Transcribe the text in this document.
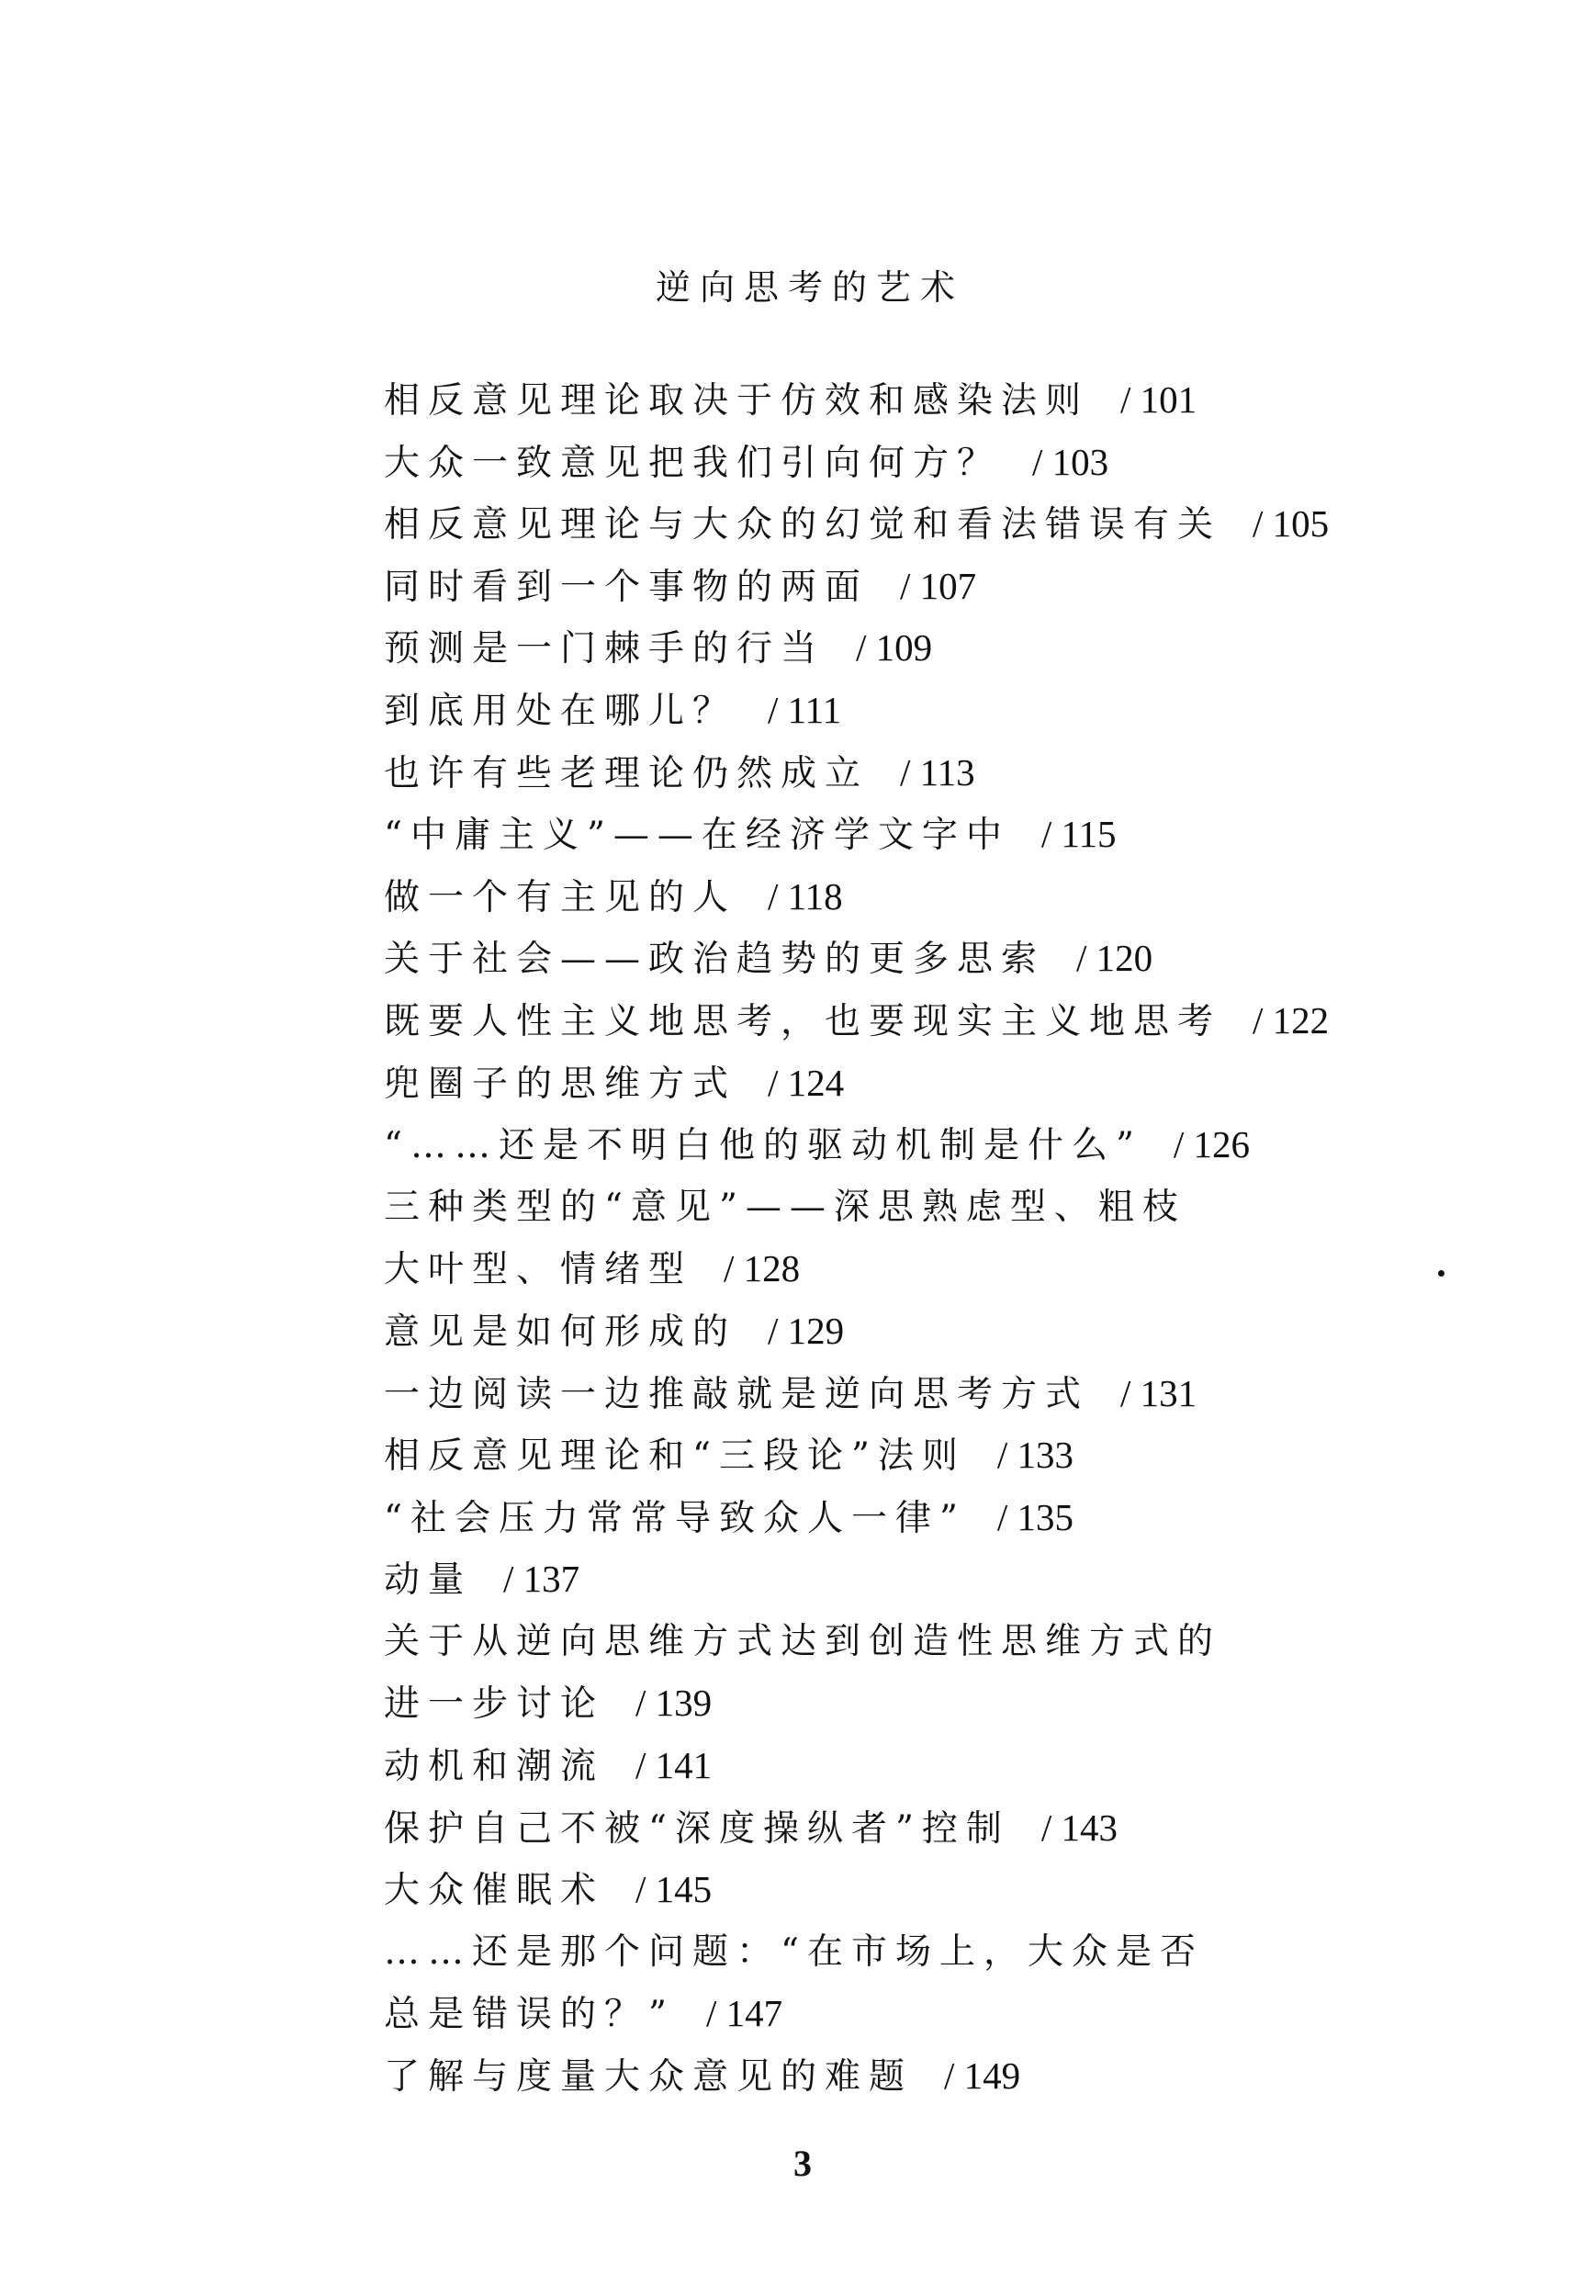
逆向思考的艺术
相反意见理论取决于仿效和感染法则 / 101
大众一致意见把我们引向何方？ / 103
相反意见理论与大众的幻觉和看法错误有关 / 105
同时看到一个事物的两面 / 107
预测是一门棘手的行当 / 109
到底用处在哪儿？ / 111
也许有些老理论仍然成立 / 113
“中庸主义”——在经济学文字中 / 115
做一个有主见的人 / 118
关于社会——政治趋势的更多思索 / 120
既要人性主义地思考，也要现实主义地思考 / 122
兜圈子的思维方式 / 124
“……还是不明白他的驱动机制是什么” / 126
三种类型的“意见”——深思熟虑型、粗枝
大叶型、情绪型 / 128
意见是如何形成的 / 129
一边阅读一边推敲就是逆向思考方式 / 131
相反意见理论和“三段论”法则 / 133
“社会压力常常导致众人一律” / 135
动量 / 137
关于从逆向思维方式达到创造性思维方式的
进一步讨论 / 139
动机和潮流 / 141
保护自己不被“深度操纵者”控制 / 143
大众催眠术 / 145
……还是那个问题：“在市场上，大众是否
总是错误的？” / 147
了解与度量大众意见的难题 / 149
3
